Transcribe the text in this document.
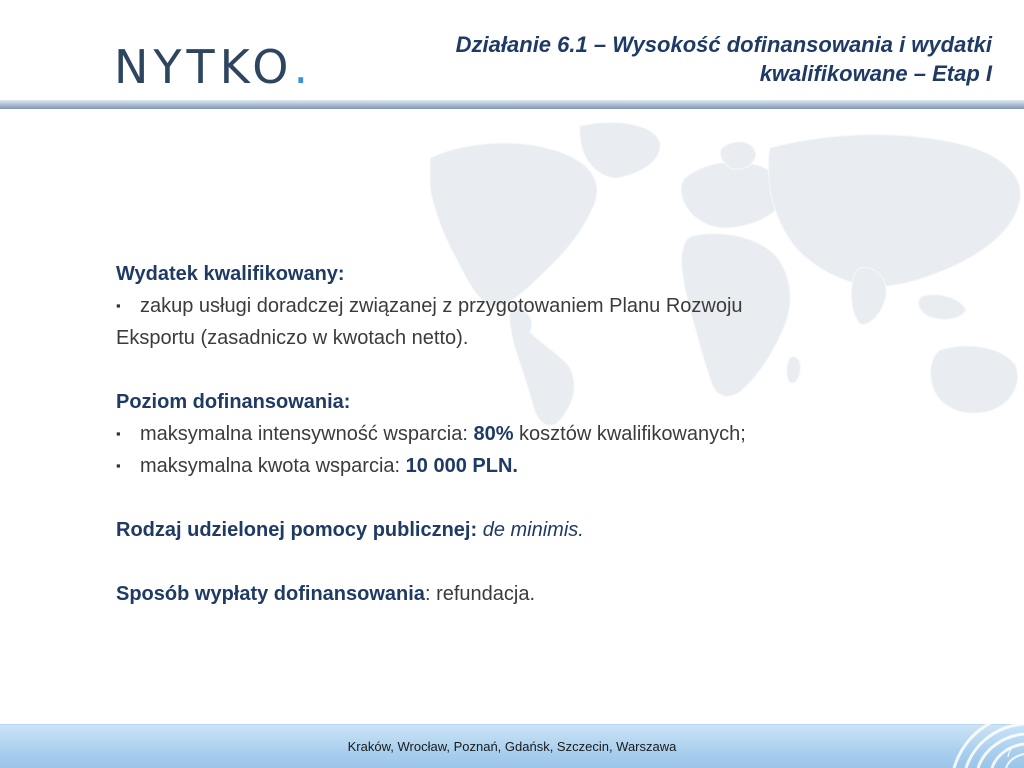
NYTKO.	Działanie 6.1 – Wysokość dofinansowania i wydatki kwalifikowane – Etap I

Wydatek kwalifikowany:

▪ zakup usługi doradczej związanej z przygotowaniem Planu Rozwoju Eksportu (zasadniczo w kwotach netto).

Poziom dofinansowania:

▪ maksymalna intensywność wsparcia: 80% kosztów kwalifikowanych;

▪ maksymalna kwota wsparcia: 10 000 PLN.

Rodzaj udzielonej pomocy publicznej: de minimis.

Sposób wypłaty dofinansowania: refundacja.

Kraków, Wrocław, Poznań, Gdańsk, Szczecin, Warszawa	7
